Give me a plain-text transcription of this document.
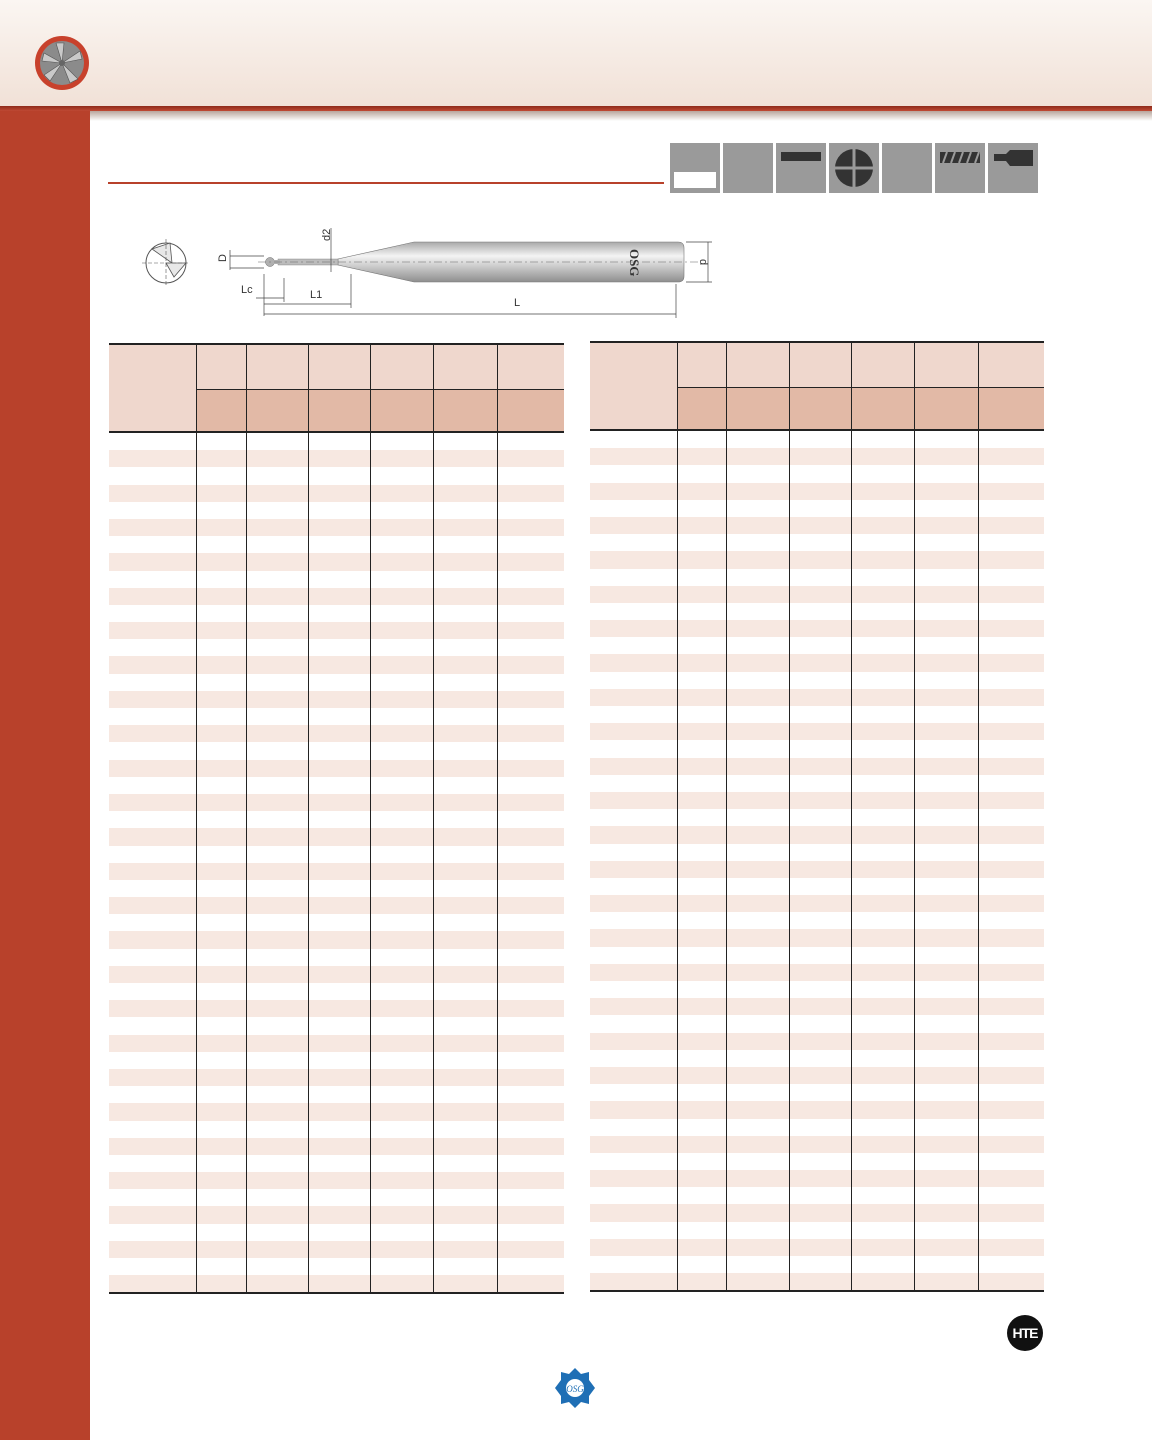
OSG
D
d2
d
Lc	L1
L

HTE
OSG
